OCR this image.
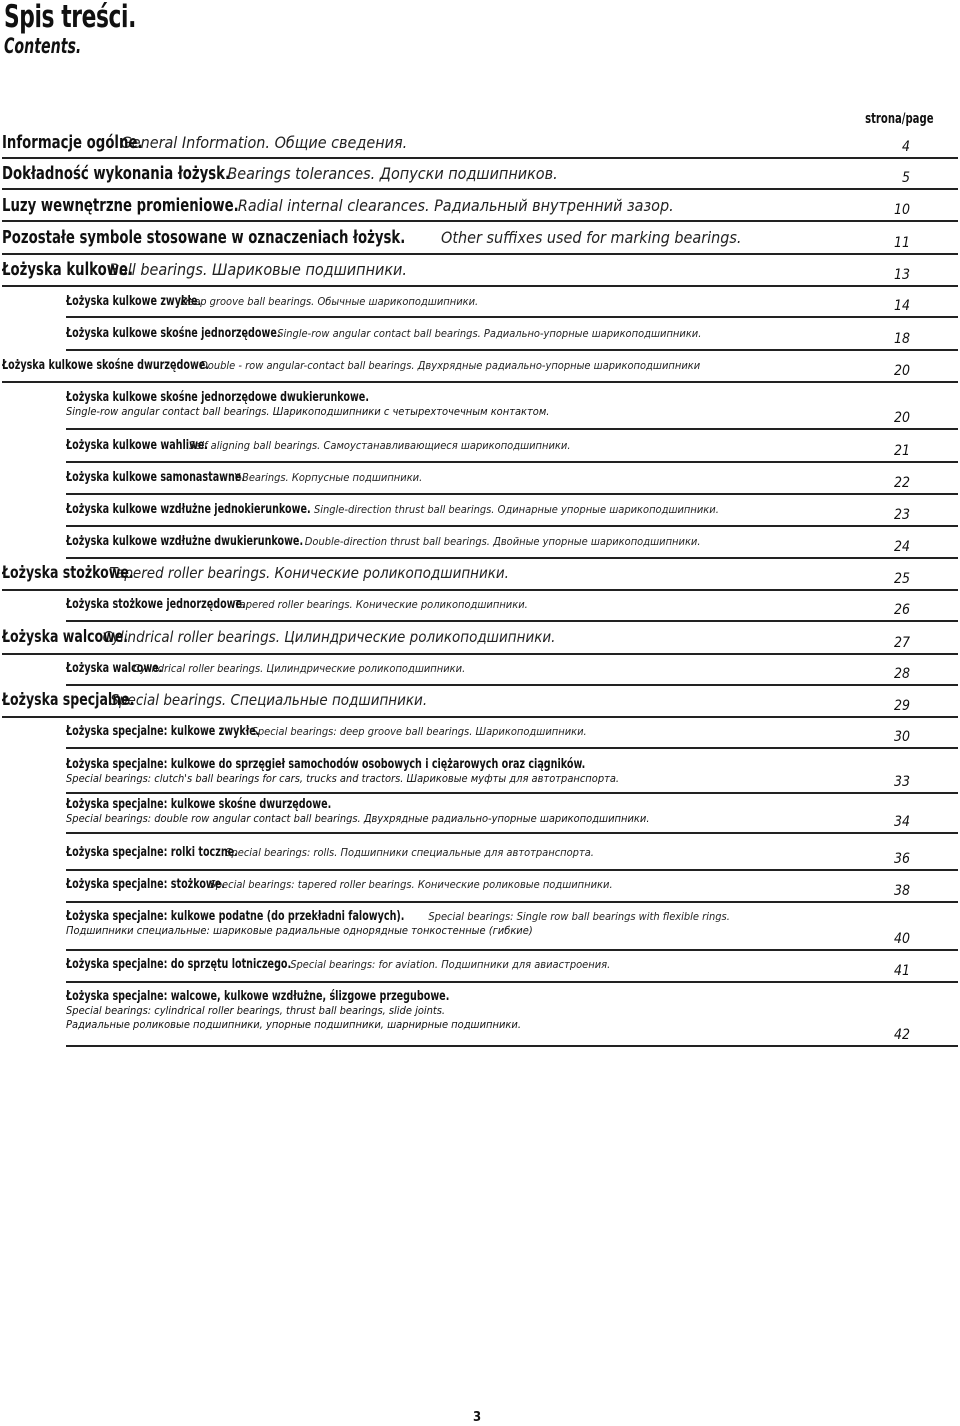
Spis treści.
Contents.
strona/page
Informacje ogólne. General Information. Общие сведения.	4
Dokładność wykonania łożysk. Bearings tolerances. Допуски подшипников.	5
Luzy wewnętrzne promieniowe. Radial internal clearances. Радиальный внутренний зазор.	10
Pozostałe symbole stosowane w oznaczeniach łożysk. Other suffixes used for marking bearings.	11
Łożyska kulkowe. Ball bearings. Шариковые подшипники.	13
Łożyska kulkowe zwykłe. Deep groove ball bearings. Обычные шарикоподшипники.	14
Łożyska kulkowe skośne jednorzędowe. Single-row angular contact ball bearings. Радиально-упорные шарикоподшипники.	18
Łożyska kulkowe skośne dwurzędowe. Double - row angular-contact ball bearings. Двухрядные радиально-упорные шарикоподшипники	20
Łożyska kulkowe skośne jednorzędowe dwukierunkowe.
Single-row angular contact ball bearings. Шарикоподшипники с четырехточечным контактом.	20
Łożyska kulkowe wahliwe. Self aligning ball bearings. Самоустанавливающиеся шарикоподшипники.	21
Łożyska kulkowe samonastawne. Y-Bearings. Корпусные подшипники.	22
Łożyska kulkowe wzdłużne jednokierunkowe. Single-direction thrust ball bearings. Одинарные упорные шарикоподшипники.	23
Łożyska kulkowe wzdłużne dwukierunkowe. Double-direction thrust ball bearings. Двойные упорные шарикоподшипники.	24
Łożyska stożkowe. Tapered roller bearings. Конические роликоподшипники.	25
Łożyska stożkowe jednorzędowe. Tapered roller bearings. Конические роликоподшипники.	26
Łożyska walcowe. Cylindrical roller bearings. Цилиндрические роликоподшипники.	27
Łożyska walcowe. Cylindrical roller bearings. Цилиндрические роликоподшипники.	28
Łożyska specjalne. Special bearings. Специальные подшипники.	29
Łożyska specjalne: kulkowe zwykłe. Special bearings: deep groove ball bearings. Шарикоподшипники.	30
Łożyska specjalne: kulkowe do sprzęgieł samochodów osobowych i ciężarowych oraz ciągników.
Special bearings: clutch's ball bearings for cars, trucks and tractors. Шариковые муфты для автотранспорта.	33
Łożyska specjalne: kulkowe skośne dwurzędowe.
Special bearings: double row angular contact ball bearings. Двухрядные радиально-упорные шарикоподшипники.	34
Łożyska specjalne: rolki toczne. Special bearings: rolls. Подшипники специальные для автотранспорта.	36
Łożyska specjalne: stożkowe. Special bearings: tapered roller bearings. Конические роликовые подшипники.	38
Łożyska specjalne: kulkowe podatne (do przekładni falowych). Special bearings: Single row ball bearings with flexible rings.
Подшипники специальные: шариковые радиальные однорядные тонкостенные (гибкие)
40
Łożyska specjalne: do sprzętu lotniczego. Special bearings: for aviation. Подшипники для авиастроения.	41
Łożyska specjalne: walcowe, kulkowe wzdłużne, ślizgowe przegubowe.
Special bearings: cylindrical roller bearings, thrust ball bearings, slide joints.
Радиальные роликовые подшипники, упорные подшипники, шарнирные подшипники.
42
3
